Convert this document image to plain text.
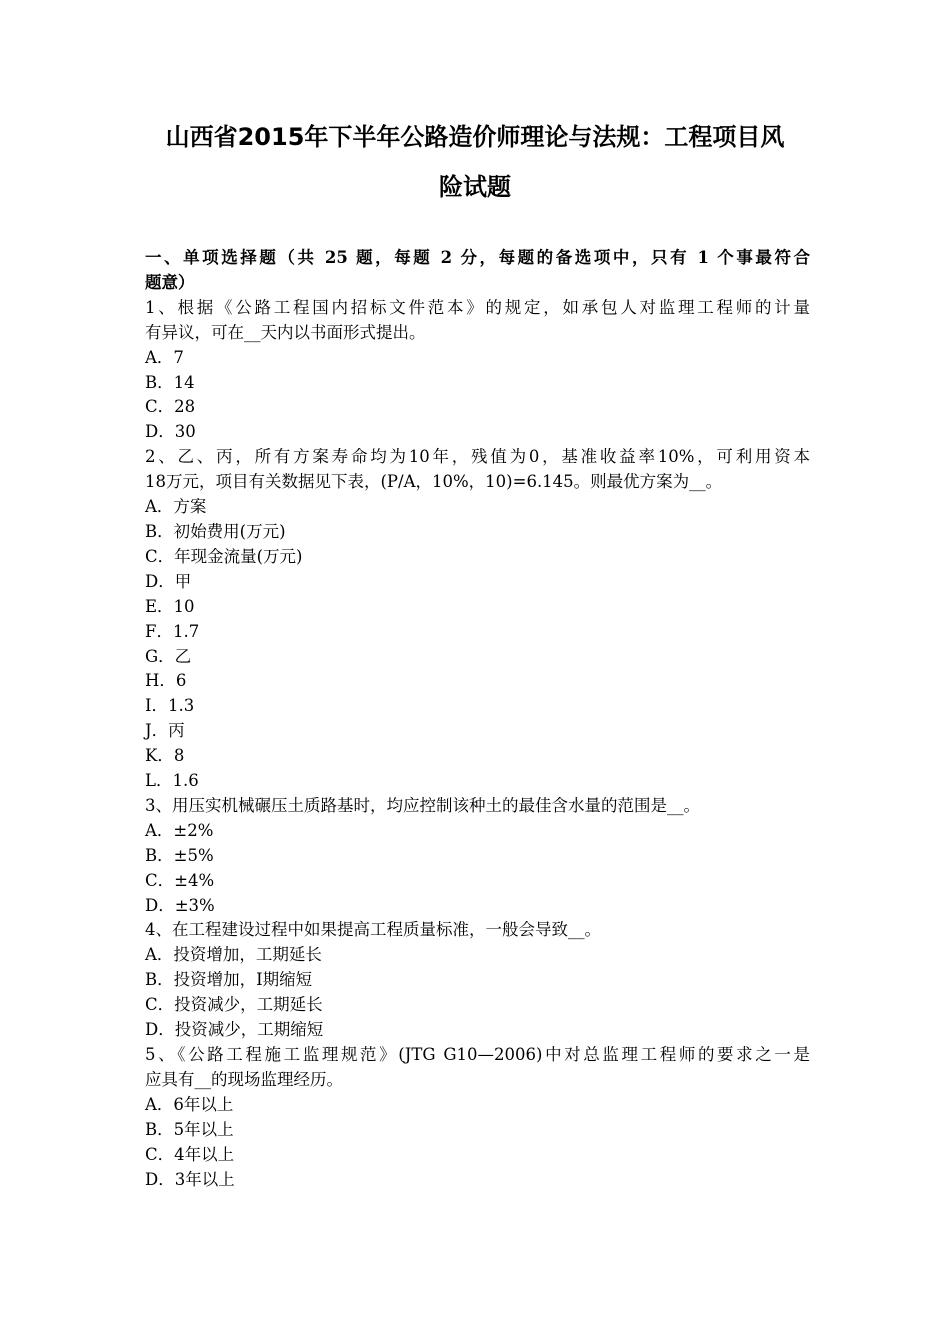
山西省2015年下半年公路造价师理论与法规：工程项目风
险试题
一、单项选择题（共 25 题，每题 2 分，每题的备选项中，只有 1 个事最符合
题意）
1、根据《公路工程国内招标文件范本》的规定，如承包人对监理工程师的计量
有异议，可在__天内以书面形式提出。
A．7
B．14
C．28
D．30
2、乙、丙，所有方案寿命均为10年，残值为0，基准收益率10%，可利用资本
18万元，项目有关数据见下表，(P/A，10%，10)=6.145。则最优方案为__。
A．方案
B．初始费用(万元)
C．年现金流量(万元)
D．甲
E．10
F．1.7
G．乙
H．6
I．1.3
J．丙
K．8
L．1.6
3、用压实机械碾压土质路基时，均应控制该种土的最佳含水量的范围是__。
A．±2%
B．±5%
C．±4%
D．±3%
4、在工程建设过程中如果提高工程质量标准，一般会导致__。
A．投资增加，工期延长
B．投资增加，I期缩短
C．投资减少，工期延长
D．投资减少，工期缩短
5、《公路工程施工监理规范》(JTG G10—2006)中对总监理工程师的要求之一是
应具有__的现场监理经历。
A．6年以上
B．5年以上
C．4年以上
D．3年以上
